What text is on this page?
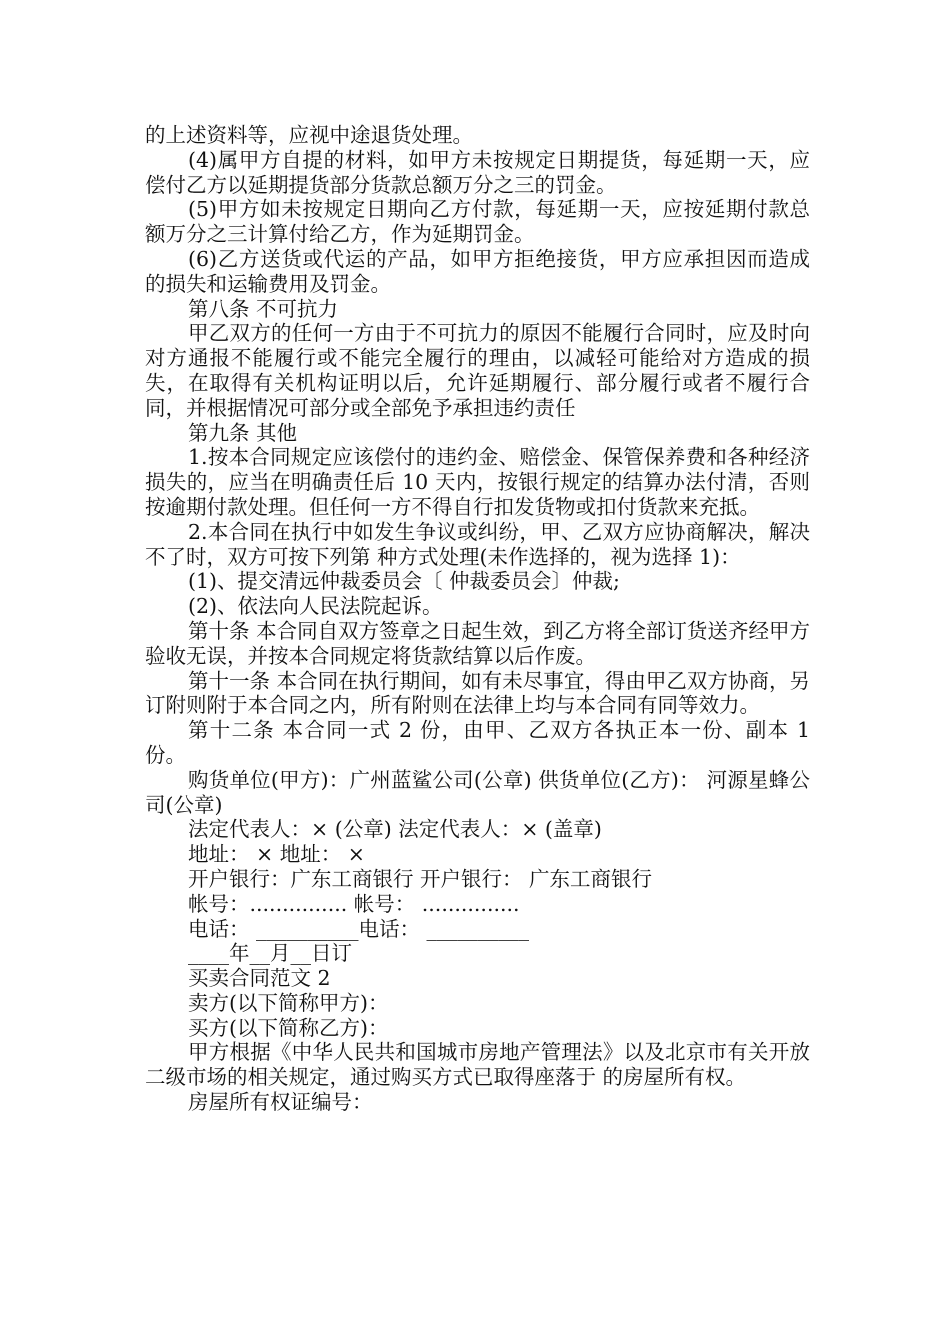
的上述资料等，应视中途退货处理。

(4)属甲方自提的材料，如甲方未按规定日期提货，每延期一天，应偿付乙方以延期提货部分货款总额万分之三的罚金。

(5)甲方如未按规定日期向乙方付款，每延期一天，应按延期付款总额万分之三计算付给乙方，作为延期罚金。

(6)乙方送货或代运的产品，如甲方拒绝接货，甲方应承担因而造成的损失和运输费用及罚金。

第八条 不可抗力

甲乙双方的任何一方由于不可抗力的原因不能履行合同时，应及时向对方通报不能履行或不能完全履行的理由，以减轻可能给对方造成的损失，在取得有关机构证明以后，允许延期履行、部分履行或者不履行合同，并根据情况可部分或全部免予承担违约责任

第九条 其他

1.按本合同规定应该偿付的违约金、赔偿金、保管保养费和各种经济损失的，应当在明确责任后 10 天内，按银行规定的结算办法付清，否则按逾期付款处理。但任何一方不得自行扣发货物或扣付货款来充抵。

2.本合同在执行中如发生争议或纠纷，甲、乙双方应协商解决，解决不了时，双方可按下列第 种方式处理(未作选择的，视为选择 1)：

(1)、提交清远仲裁委员会〔 仲裁委员会〕仲裁;

(2)、依法向人民法院起诉。

第十条 本合同自双方签章之日起生效，到乙方将全部订货送齐经甲方验收无误，并按本合同规定将货款结算以后作废。

第十一条 本合同在执行期间，如有未尽事宜，得由甲乙双方协商，另订附则附于本合同之内，所有附则在法律上均与本合同有同等效力。

第十二条 本合同一式 2 份，由甲、乙双方各执正本一份、副本 1 份。

购货单位(甲方)：广州蓝鲨公司(公章) 供货单位(乙方)： 河源星蜂公司(公章)

法定代表人：× (公章) 法定代表人：× (盖章)

地址： × 地址： ×

开户银行：广东工商银行 开户银行： 广东工商银行

帐号：............... 帐号： ...............

电话： __________电话： __________

____年__月__日订

买卖合同范文 2

卖方(以下简称甲方)：

买方(以下简称乙方)：

甲方根据《中华人民共和国城市房地产管理法》以及北京市有关开放二级市场的相关规定，通过购买方式已取得座落于 的房屋所有权。

房屋所有权证编号：
